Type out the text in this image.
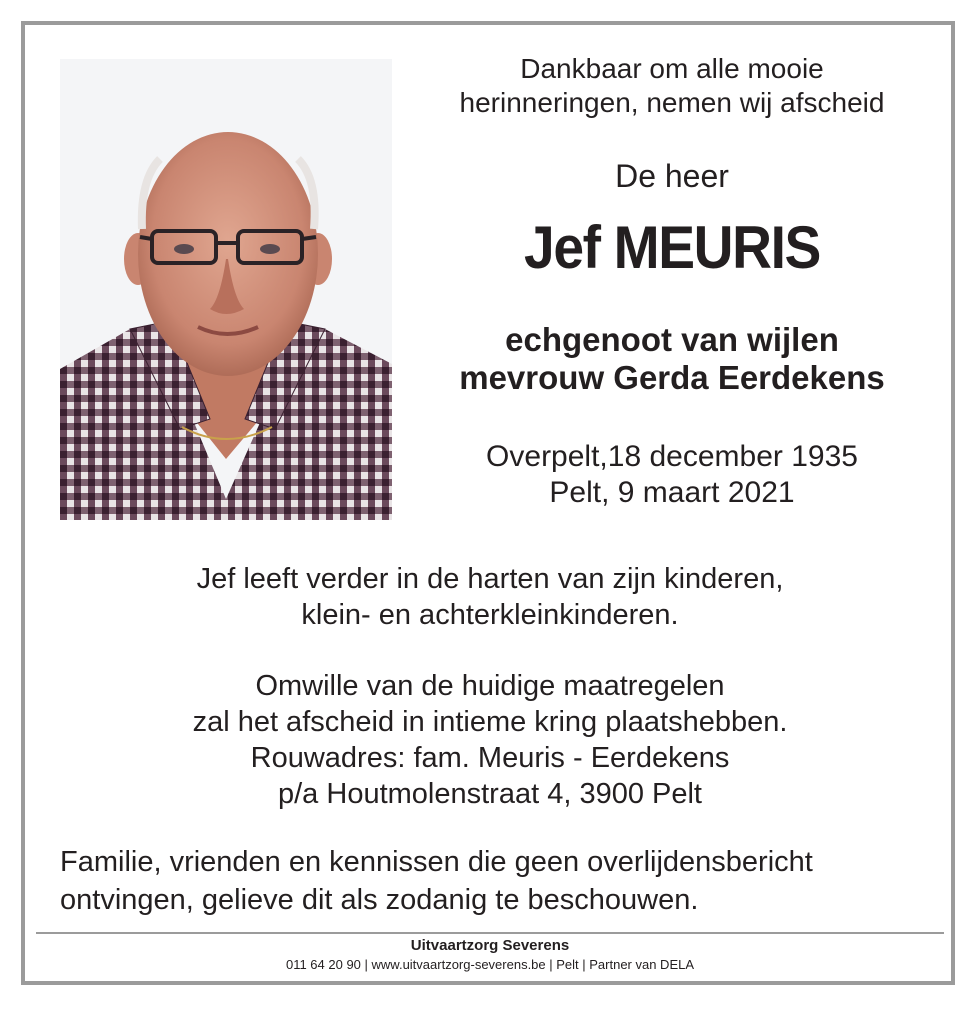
Dankbaar om alle mooie
herinneringen, nemen wij afscheid

De heer

Jef MEURIS

echgenoot van wijlen
mevrouw Gerda Eerdekens

Overpelt,18 december 1935
Pelt, 9 maart 2021

Jef leeft verder in de harten van zijn kinderen,
klein- en achterkleinkinderen.
Omwille van de huidige maatregelen
zal het afscheid in intieme kring plaatshebben.
Rouwadres: fam. Meuris - Eerdekens
p/a Houtmolenstraat 4, 3900 Pelt
Familie, vrienden en kennissen die geen overlijdensbericht
ontvingen, gelieve dit als zodanig te beschouwen.
Uitvaartzorg Severens
011 64 20 90 | www.uitvaartzorg-severens.be | Pelt | Partner van DELA
